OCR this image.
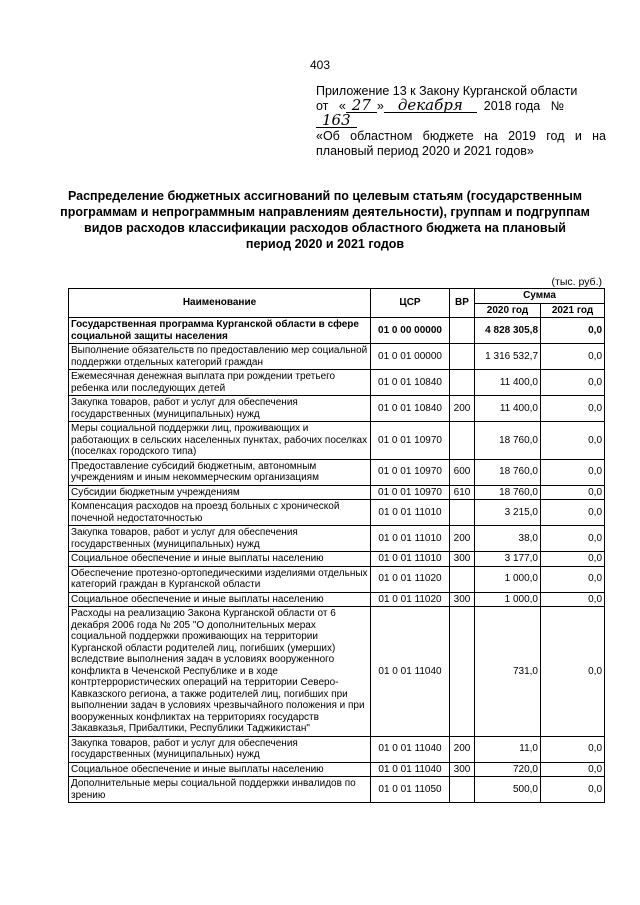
403
Приложение 13 к Закону Курганской области
от « 27 » декабря 2018 года № 163
«Об областном бюджете на 2019 год и на
плановый период 2020 и 2021 годов»
Распределение бюджетных ассигнований по целевым статьям (государственным программам и непрограммным направлениям деятельности), группам и подгруппам видов расходов классификации расходов областного бюджета на плановый период 2020 и 2021 годов
(тыс. руб.)
Наименование	ЦСР	ВР	Сумма	
			2020 год	2021 год
Государственная программа Курганской области в сфере социальной защиты населения	01 0 00 00000		4 828 305,8	0,0
Выполнение обязательств по предоставлению мер социальной поддержки отдельных категорий граждан	01 0 01 00000		1 316 532,7	0,0
Ежемесячная денежная выплата при рождении третьего ребенка или последующих детей	01 0 01 10840		11 400,0	0,0
Закупка товаров, работ и услуг для обеспечения государственных (муниципальных) нужд	01 0 01 10840	200	11 400,0	0,0
Меры социальной поддержки лиц, проживающих и работающих в сельских населенных пунктах, рабочих поселках (поселках городского типа)	01 0 01 10970		18 760,0	0,0
Предоставление субсидий бюджетным, автономным учреждениям и иным некоммерческим организациям	01 0 01 10970	600	18 760,0	0,0
Субсидии бюджетным учреждениям	01 0 01 10970	610	18 760,0	0,0
Компенсация расходов на проезд больных с хронической почечной недостаточностью	01 0 01 11010		3 215,0	0,0
Закупка товаров, работ и услуг для обеспечения государственных (муниципальных) нужд	01 0 01 11010	200	38,0	0,0
Социальное обеспечение и иные выплаты населению	01 0 01 11010	300	3 177,0	0,0
Обеспечение протезно-ортопедическими изделиями отдельных категорий граждан в Курганской области	01 0 01 11020		1 000,0	0,0
Социальное обеспечение и иные выплаты населению	01 0 01 11020	300	1 000,0	0,0
Расходы на реализацию Закона Курганской области от 6 декабря 2006 года № 205 "О дополнительных мерах социальной поддержки проживающих на территории Курганской области родителей лиц, погибших (умерших) вследствие выполнения задач в условиях вооруженного конфликта в Чеченской Республике и в ходе контртеррористических операций на территории Северо-Кавказского региона, а также родителей лиц, погибших при выполнении задач в условиях чрезвычайного положения и при вооруженных конфликтах на территориях государств Закавказья, Прибалтики, Республики Таджикистан"	01 0 01 11040		731,0	0,0
Закупка товаров, работ и услуг для обеспечения государственных (муниципальных) нужд	01 0 01 11040	200	11,0	0,0
Социальное обеспечение и иные выплаты населению	01 0 01 11040	300	720,0	0,0
Дополнительные меры социальной поддержки инвалидов по зрению	01 0 01 11050		500,0	0,0
